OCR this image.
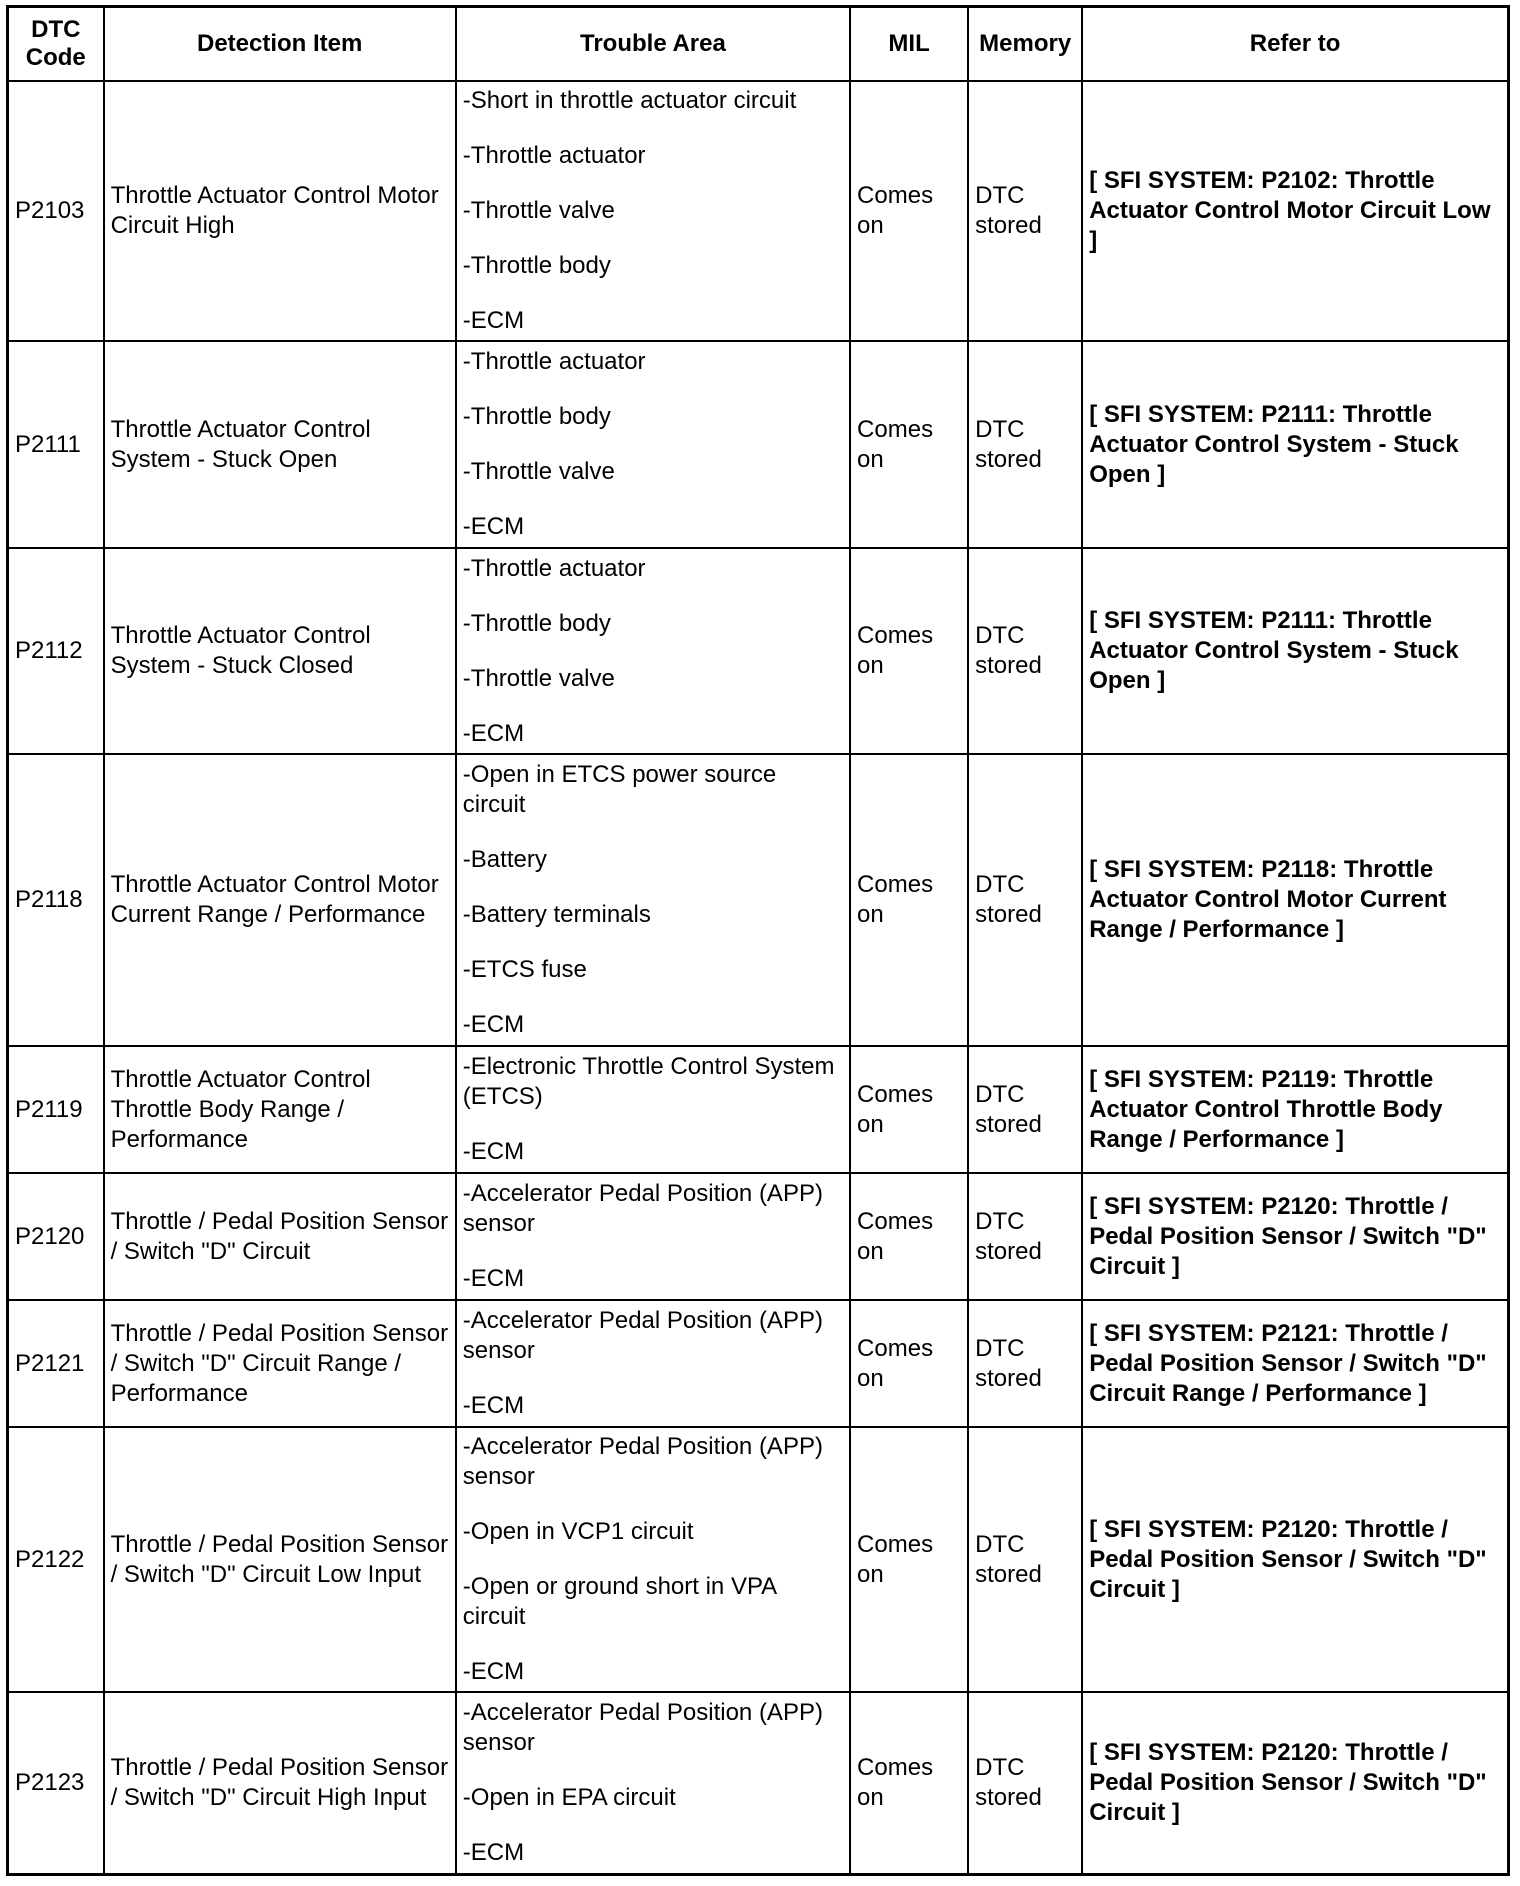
DTC Code	Detection Item	Trouble Area	MIL	Memory	Refer to
P2103	Throttle Actuator Control Motor Circuit High	-Short in throttle actuator circuit
-Throttle actuator
-Throttle valve
-Throttle body
-ECM	Comes on	DTC stored	[ SFI SYSTEM: P2102: Throttle Actuator Control Motor Circuit Low ]
P2111	Throttle Actuator Control System - Stuck Open	-Throttle actuator
-Throttle body
-Throttle valve
-ECM	Comes on	DTC stored	[ SFI SYSTEM: P2111: Throttle Actuator Control System - Stuck Open ]
P2112	Throttle Actuator Control System - Stuck Closed	-Throttle actuator
-Throttle body
-Throttle valve
-ECM	Comes on	DTC stored	[ SFI SYSTEM: P2111: Throttle Actuator Control System - Stuck Open ]
P2118	Throttle Actuator Control Motor Current Range / Performance	-Open in ETCS power source circuit
-Battery
-Battery terminals
-ETCS fuse
-ECM	Comes on	DTC stored	[ SFI SYSTEM: P2118: Throttle Actuator Control Motor Current Range / Performance ]
P2119	Throttle Actuator Control Throttle Body Range / Performance	-Electronic Throttle Control System (ETCS)
-ECM	Comes on	DTC stored	[ SFI SYSTEM: P2119: Throttle Actuator Control Throttle Body Range / Performance ]
P2120	Throttle / Pedal Position Sensor / Switch "D" Circuit	-Accelerator Pedal Position (APP) sensor
-ECM	Comes on	DTC stored	[ SFI SYSTEM: P2120: Throttle / Pedal Position Sensor / Switch "D" Circuit ]
P2121	Throttle / Pedal Position Sensor / Switch "D" Circuit Range / Performance	-Accelerator Pedal Position (APP) sensor
-ECM	Comes on	DTC stored	[ SFI SYSTEM: P2121: Throttle / Pedal Position Sensor / Switch "D" Circuit Range / Performance ]
P2122	Throttle / Pedal Position Sensor / Switch "D" Circuit Low Input	-Accelerator Pedal Position (APP) sensor
-Open in VCP1 circuit
-Open or ground short in VPA circuit
-ECM	Comes on	DTC stored	[ SFI SYSTEM: P2120: Throttle / Pedal Position Sensor / Switch "D" Circuit ]
P2123	Throttle / Pedal Position Sensor / Switch "D" Circuit High Input	-Accelerator Pedal Position (APP) sensor
-Open in EPA circuit
-ECM	Comes on	DTC stored	[ SFI SYSTEM: P2120: Throttle / Pedal Position Sensor / Switch "D" Circuit ]
